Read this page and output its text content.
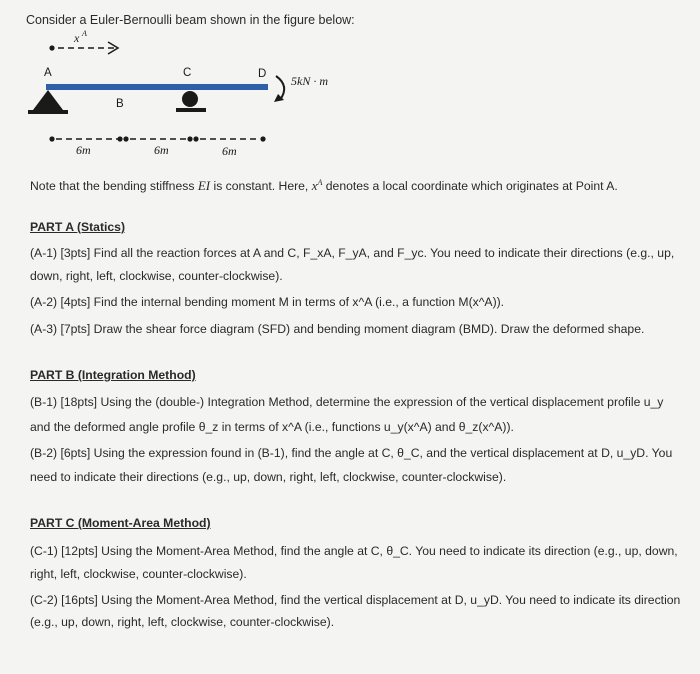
Consider a Euler-Bernoulli beam shown in the figure below:
x A
A	C	D
B
5kN · m
6m	6m	6m
Note that the bending stiffness EI is constant. Here, $x^A$ denotes a local coordinate which originates at Point A.
PART A (Statics)
(A-1) [3pts] Find all the reaction forces at A and C, F_xA, F_yA, and F_yc. You need to indicate their directions (e.g., up,
down, right, left, clockwise, counter-clockwise).
(A-2) [4pts] Find the internal bending moment M in terms of x^A (i.e., a function M(x^A)).
(A-3) [7pts] Draw the shear force diagram (SFD) and bending moment diagram (BMD). Draw the deformed shape.
PART B (Integration Method)
(B-1) [18pts] Using the (double-) Integration Method, determine the expression of the vertical displacement profile u_y
and the deformed angle profile θ_z in terms of x^A (i.e., functions u_y(x^A) and θ_z(x^A)).
(B-2) [6pts] Using the expression found in (B-1), find the angle at C, θ_C, and the vertical displacement at D, u_yD. You
need to indicate their directions (e.g., up, down, right, left, clockwise, counter-clockwise).
PART C (Moment-Area Method)
(C-1) [12pts] Using the Moment-Area Method, find the angle at C, θ_C. You need to indicate its direction (e.g., up, down,
right, left, clockwise, counter-clockwise).
(C-2) [16pts] Using the Moment-Area Method, find the vertical displacement at D, u_yD. You need to indicate its direction
(e.g., up, down, right, left, clockwise, counter-clockwise).
